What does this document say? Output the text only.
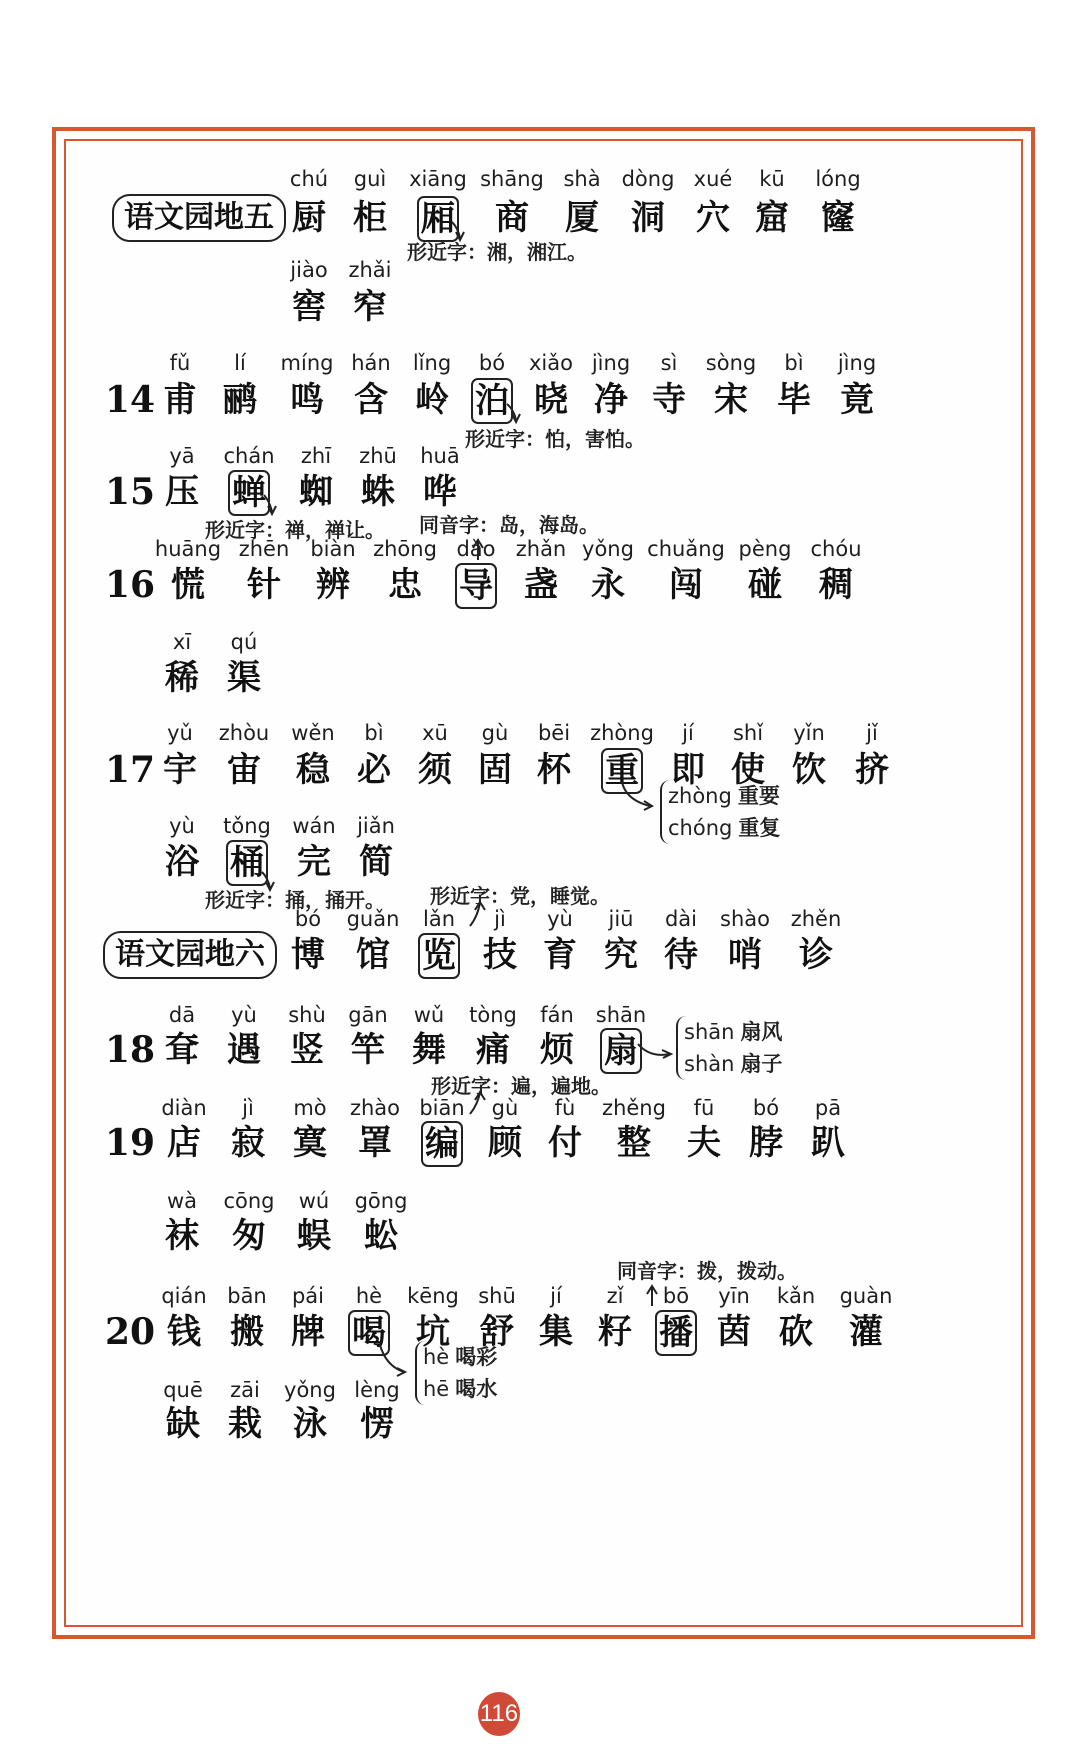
语文园地五
chú
厨
guì
柜
xiāng
厢
shāng
商
shà
厦
dòng
洞
xué
穴
kū
窟
lóng
窿
jiào
窖
zhǎi
窄
14
fǔ
甫
lí
鹂
míng
鸣
hán
含
lǐng
岭
bó
泊
xiǎo
晓
jìng
净
sì
寺
sòng
宋
bì
毕
jìng
竟
15
yā
压
chán
蝉
zhī
蜘
zhū
蛛
huā
哗
16
huāng
慌
zhēn
针
biàn
辨
zhōng
忠
dǎo
导
zhǎn
盏
yǒng
永
chuǎng
闯
pèng
碰
chóu
稠
xī
稀
qú
渠
17
yǔ
宇
zhòu
宙
wěn
稳
bì
必
xū
须
gù
固
bēi
杯
zhòng
重
jí
即
shǐ
使
yǐn
饮
jǐ
挤
yù
浴
tǒng
桶
wán
完
jiǎn
简
语文园地六
bó
博
guǎn
馆
lǎn
览
jì
技
yù
育
jiū
究
dài
待
shào
哨
zhěn
诊
18
dā
耷
yù
遇
shù
竖
gān
竿
wǔ
舞
tòng
痛
fán
烦
shān
扇
19
diàn
店
jì
寂
mò
寞
zhào
罩
biān
编
gù
顾
fù
付
zhěng
整
fū
夫
bó
脖
pā
趴
wà
袜
cōng
匆
wú
蜈
gōng
蚣
20
qián
钱
bān
搬
pái
牌
hè
喝
kēng
坑
shū
舒
jí
集
zǐ
籽
bō
播
yīn
茵
kǎn
砍
guàn
灌
quē
缺
zāi
栽
yǒng
泳
lèng
愣
形近字：湘，湘江。
形近字：怕，害怕。
形近字：禅，禅让。 同音字：岛，海岛。
形近字：捅，捅开。 形近字：党，睡觉。
形近字：遍，遍地。
同音字：拨，拨动。
zhòng 重要
chóng 重复
shān 扇风
shàn 扇子
hè 喝彩
hē 喝水
116
